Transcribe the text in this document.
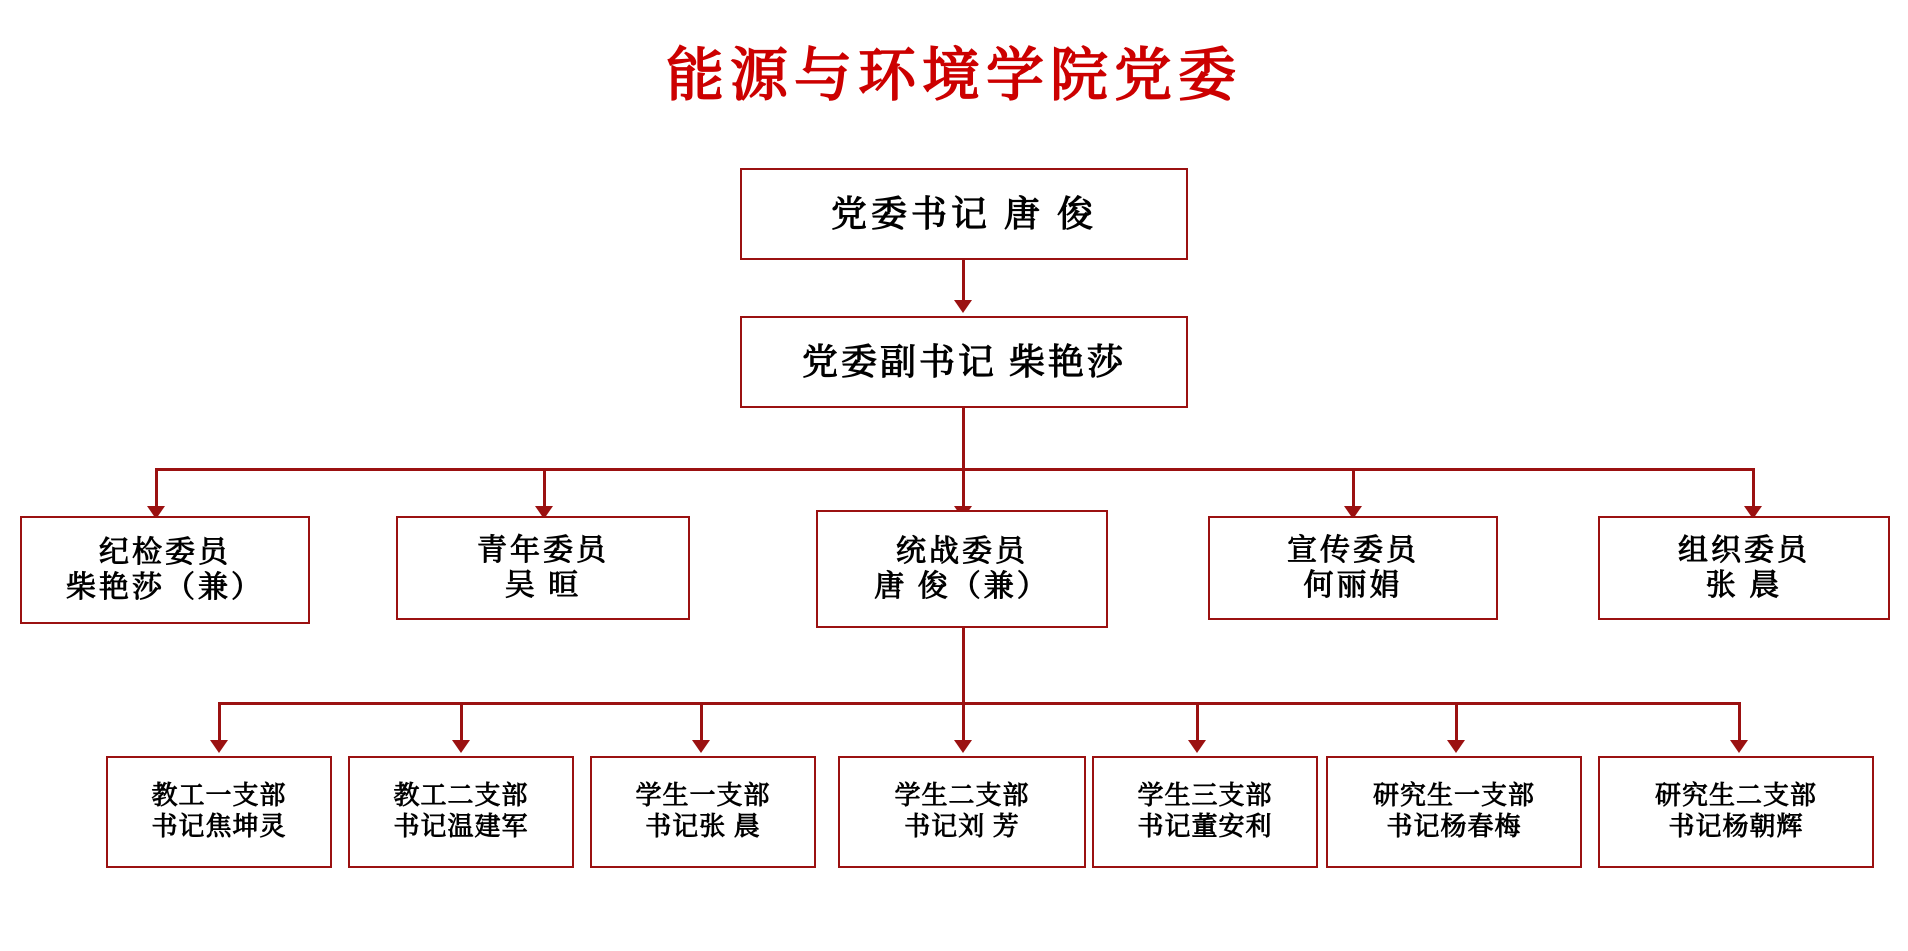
能源与环境学院党委
党委书记 唐 俊
党委副书记 柴艳莎
纪检委员
柴艳莎（兼）
青年委员
吴 晅
统战委员
唐 俊（兼）
宣传委员
何丽娟
组织委员
张 晨
教工一支部
书记焦坤灵
教工二支部
书记温建军
学生一支部
书记张 晨
学生二支部
书记刘 芳
学生三支部
书记董安利
研究生一支部
书记杨春梅
研究生二支部
书记杨朝辉
